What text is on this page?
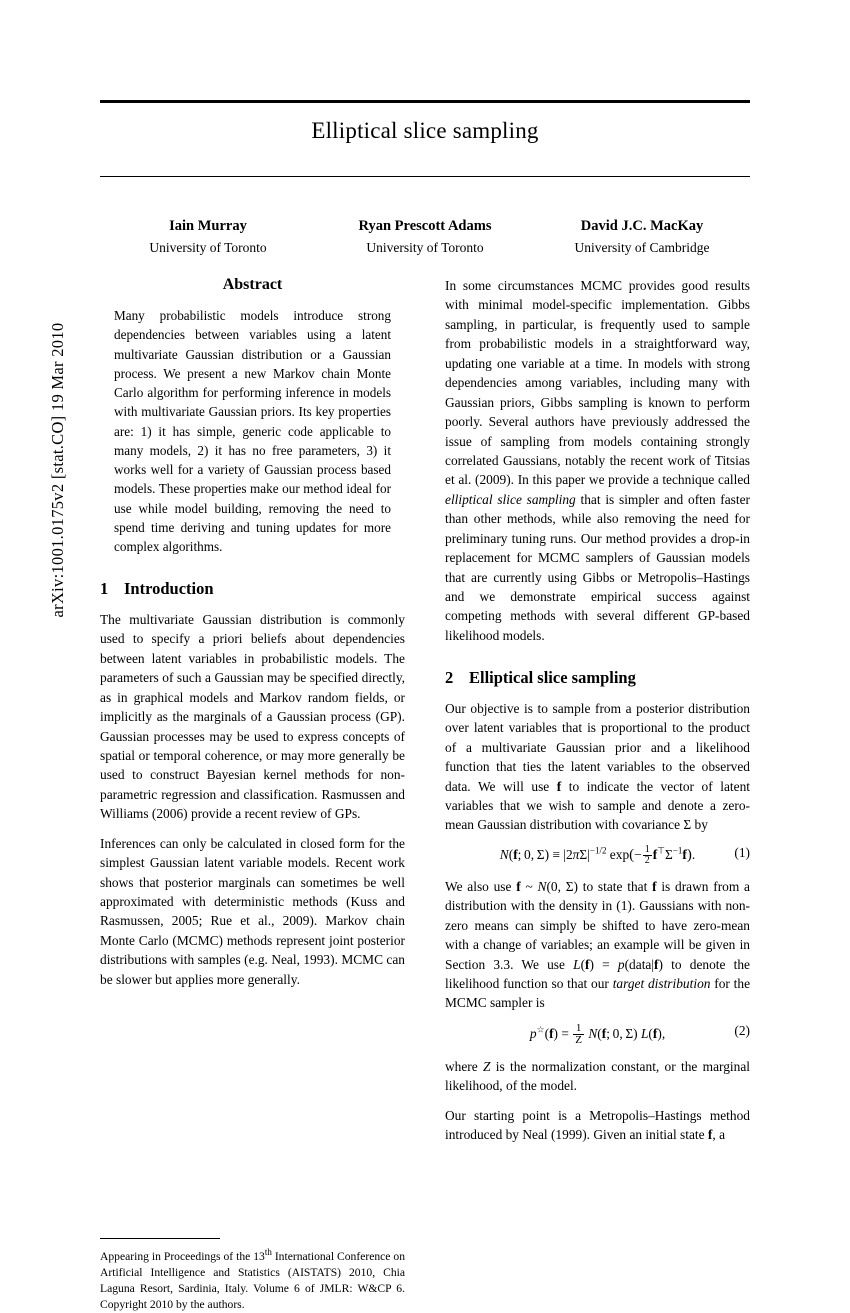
arXiv:1001.0175v2 [stat.CO] 19 Mar 2010
Elliptical slice sampling
Iain Murray
University of Toronto
Ryan Prescott Adams
University of Toronto
David J.C. MacKay
University of Cambridge
Abstract
Many probabilistic models introduce strong dependencies between variables using a latent multivariate Gaussian distribution or a Gaussian process. We present a new Markov chain Monte Carlo algorithm for performing inference in models with multivariate Gaussian priors. Its key properties are: 1) it has simple, generic code applicable to many models, 2) it has no free parameters, 3) it works well for a variety of Gaussian process based models. These properties make our method ideal for use while model building, removing the need to spend time deriving and tuning updates for more complex algorithms.
1 Introduction

The multivariate Gaussian distribution is commonly used to specify a priori beliefs about dependencies between latent variables in probabilistic models. The parameters of such a Gaussian may be specified directly, as in graphical models and Markov random fields, or implicitly as the marginals of a Gaussian process (GP). Gaussian processes may be used to express concepts of spatial or temporal coherence, or may more generally be used to construct Bayesian kernel methods for non-parametric regression and classification. Rasmussen and Williams (2006) provide a recent review of GPs.

Inferences can only be calculated in closed form for the simplest Gaussian latent variable models. Recent work shows that posterior marginals can sometimes be well approximated with deterministic methods (Kuss and Rasmussen, 2005; Rue et al., 2009). Markov chain Monte Carlo (MCMC) methods represent joint posterior distributions with samples (e.g. Neal, 1993). MCMC can be slower but applies more generally.

Appearing in Proceedings of the 13th International Conference on Artificial Intelligence and Statistics (AISTATS) 2010, Chia Laguna Resort, Sardinia, Italy. Volume 6 of JMLR: W&CP 6. Copyright 2010 by the authors.

In some circumstances MCMC provides good results with minimal model-specific implementation. Gibbs sampling, in particular, is frequently used to sample from probabilistic models in a straightforward way, updating one variable at a time. In models with strong dependencies among variables, including many with Gaussian priors, Gibbs sampling is known to perform poorly. Several authors have previously addressed the issue of sampling from models containing strongly correlated Gaussians, notably the recent work of Titsias et al. (2009). In this paper we provide a technique called elliptical slice sampling that is simpler and often faster than other methods, while also removing the need for preliminary tuning runs. Our method provides a drop-in replacement for MCMC samplers of Gaussian models that are currently using Gibbs or Metropolis–Hastings and we demonstrate empirical success against competing methods with several different GP-based likelihood models.

2 Elliptical slice sampling

Our objective is to sample from a posterior distribution over latent variables that is proportional to the product of a multivariate Gaussian prior and a likelihood function that ties the latent variables to the observed data. We will use f to indicate the vector of latent variables that we wish to sample and denote a zero-mean Gaussian distribution with covariance Σ by

N(f; 0, $\Sigma) \equiv |2\pi\Sigma|^{-1/2}$ $\exp(- \frac{1}{2} f^⊤\Sigma^{-1}f)$.	(1)

We also use f ~ N(0, Σ) to state that f is drawn from a distribution with the density in (1). Gaussians with non-zero means can simply be shifted to have zero-mean with a change of variables; an example will be given in Section 3.3. We use L(f) = p(data|f) to denote the likelihood function so that our target distribution for the MCMC sampler is

$p^☆(f) = \frac{1}{Z} N(f$; 0, Σ) L(f),	(2)

where Z is the normalization constant, or the marginal likelihood, of the model.

Our starting point is a Metropolis–Hastings method introduced by Neal (1999). Given an initial state f, a
